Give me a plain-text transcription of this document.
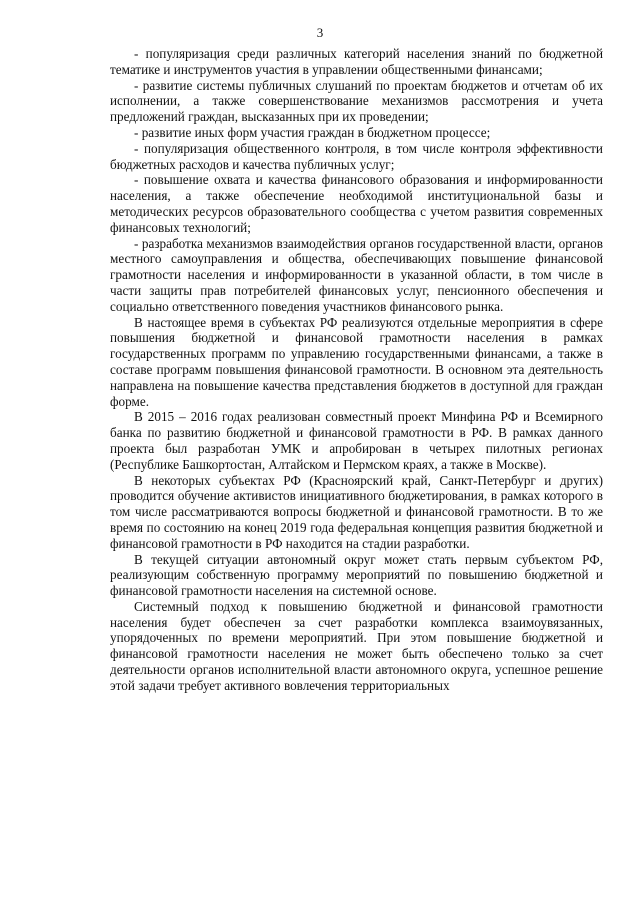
3

- популяризация среди различных категорий населения знаний по бюджетной тематике и инструментов участия в управлении общественными финансами;

- развитие системы публичных слушаний по проектам бюджетов и отчетам об их исполнении, а также совершенствование механизмов рассмотрения и учета предложений граждан, высказанных при их проведении;

- развитие иных форм участия граждан в бюджетном процессе;

- популяризация общественного контроля, в том числе контроля эффективности бюджетных расходов и качества публичных услуг;

- повышение охвата и качества финансового образования и информированности населения, а также обеспечение необходимой институциональной базы и методических ресурсов образовательного сообщества с учетом развития современных финансовых технологий;

- разработка механизмов взаимодействия органов государственной власти, органов местного самоуправления и общества, обеспечивающих повышение финансовой грамотности населения и информированности в указанной области, в том числе в части защиты прав потребителей финансовых услуг, пенсионного обеспечения и социально ответственного поведения участников финансового рынка.

В настоящее время в субъектах РФ реализуются отдельные мероприятия в сфере повышения бюджетной и финансовой грамотности населения в рамках государственных программ по управлению государственными финансами, а также в составе программ повышения финансовой грамотности. В основном эта деятельность направлена на повышение качества представления бюджетов в доступной для граждан форме.

В 2015 – 2016 годах реализован совместный проект Минфина РФ и Всемирного банка по развитию бюджетной и финансовой грамотности в РФ. В рамках данного проекта был разработан УМК и апробирован в четырех пилотных регионах (Республике Башкортостан, Алтайском и Пермском краях, а также в Москве).

В некоторых субъектах РФ (Красноярский край, Санкт-Петербург и других) проводится обучение активистов инициативного бюджетирования, в рамках которого в том числе рассматриваются вопросы бюджетной и финансовой грамотности. В то же время по состоянию на конец 2019 года федеральная концепция развития бюджетной и финансовой грамотности в РФ находится на стадии разработки.

В текущей ситуации автономный округ может стать первым субъектом РФ, реализующим собственную программу мероприятий по повышению бюджетной и финансовой грамотности населения на системной основе.

Системный подход к повышению бюджетной и финансовой грамотности населения будет обеспечен за счет разработки комплекса взаимоувязанных, упорядоченных по времени мероприятий. При этом повышение бюджетной и финансовой грамотности населения не может быть обеспечено только за счет деятельности органов исполнительной власти автономного округа, успешное решение этой задачи требует активного вовлечения территориальных
